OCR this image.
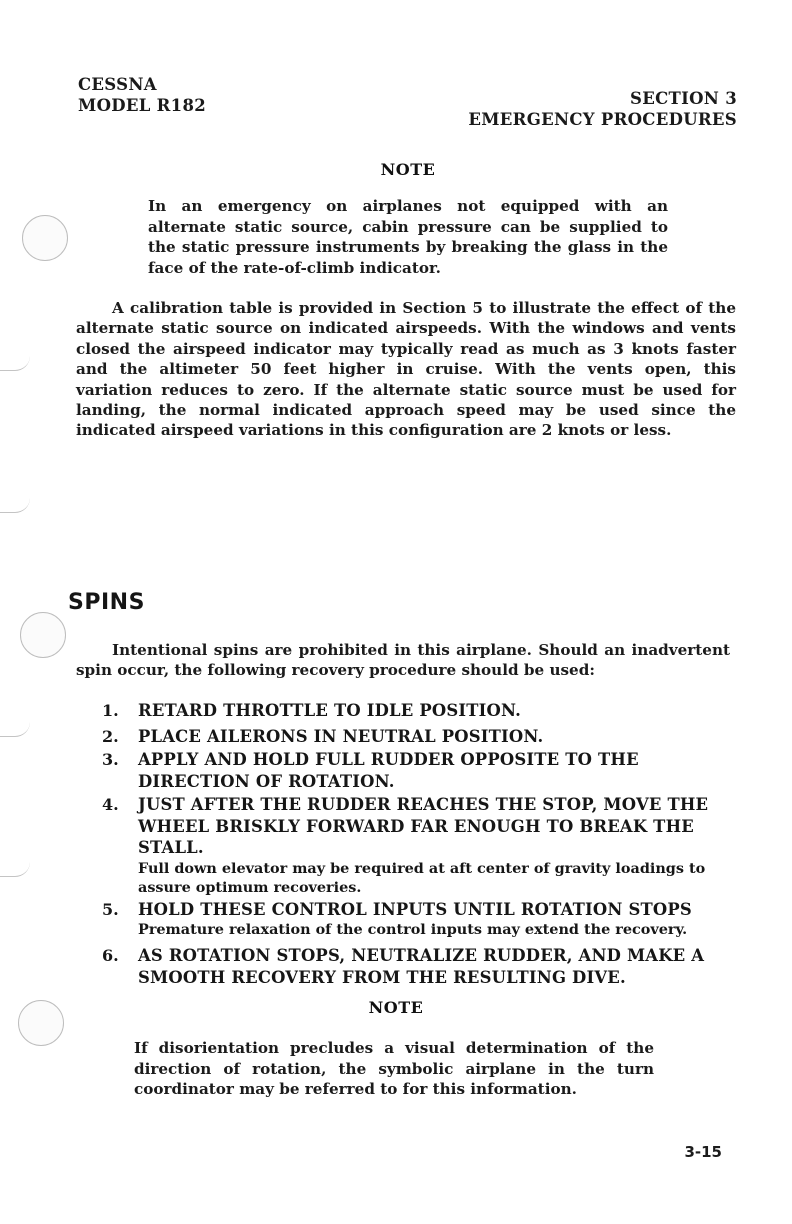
CESSNA
MODEL R182	SECTION 3
EMERGENCY PROCEDURES
NOTE
In an emergency on airplanes not equipped with an alternate static source, cabin pressure can be supplied to the static pressure instruments by breaking the glass in the face of the rate-of-climb indicator.
A calibration table is provided in Section 5 to illustrate the effect of the alternate static source on indicated airspeeds. With the windows and vents closed the airspeed indicator may typically read as much as 3 knots faster and the altimeter 50 feet higher in cruise. With the vents open, this variation reduces to zero. If the alternate static source must be used for landing, the normal indicated approach speed may be used since the indicated airspeed variations in this configuration are 2 knots or less.
SPINS
Intentional spins are prohibited in this airplane. Should an inadvertent spin occur, the following recovery procedure should be used:
1. RETARD THROTTLE TO IDLE POSITION.
2. PLACE AILERONS IN NEUTRAL POSITION.
3. APPLY AND HOLD FULL RUDDER OPPOSITE TO THE DIRECTION OF ROTATION.
4. JUST AFTER THE RUDDER REACHES THE STOP, MOVE THE WHEEL BRISKLY FORWARD FAR ENOUGH TO BREAK THE STALL.
Full down elevator may be required at aft center of gravity loadings to assure optimum recoveries.
5. HOLD THESE CONTROL INPUTS UNTIL ROTATION STOPS
Premature relaxation of the control inputs may extend the recovery.
6. AS ROTATION STOPS, NEUTRALIZE RUDDER, AND MAKE A SMOOTH RECOVERY FROM THE RESULTING DIVE.
NOTE
If disorientation precludes a visual determination of the direction of rotation, the symbolic airplane in the turn coordinator may be referred to for this information.
3-15
